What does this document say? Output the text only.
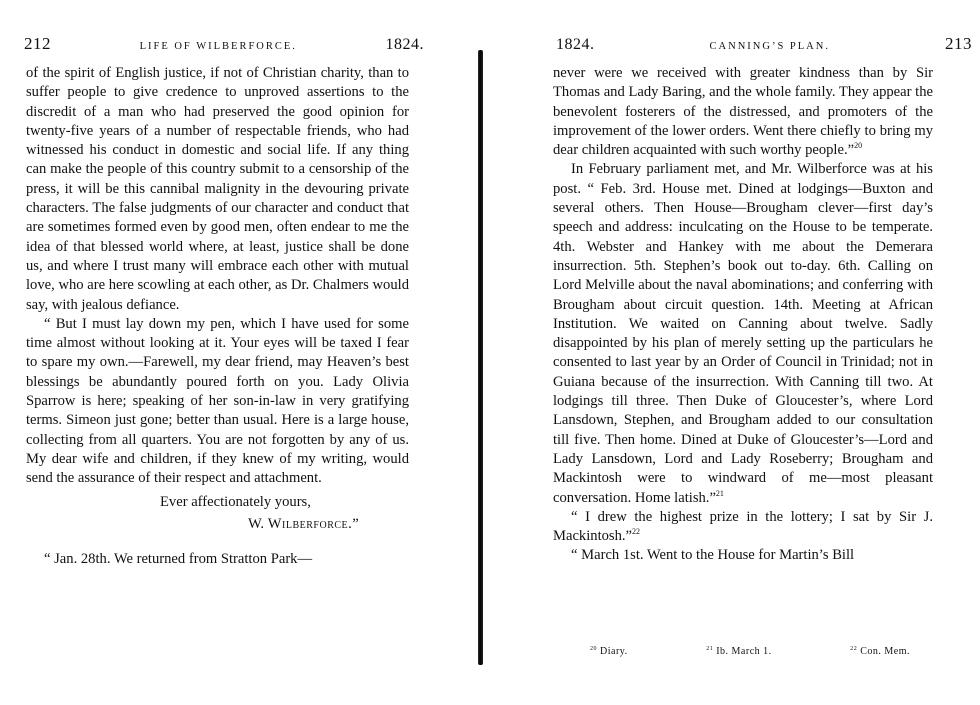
212	LIFE OF WILBERFORCE.	1824.

of the spirit of English justice, if not of Christian charity, than to suffer people to give credence to unproved assertions to the discredit of a man who had preserved the good opinion for twenty-five years of a number of respectable friends, who had witnessed his conduct in domestic and social life. If any thing can make the people of this country submit to a censorship of the press, it will be this cannibal malignity in the devouring private characters. The false judgments of our character and conduct that are sometimes formed even by good men, often endear to me the idea of that blessed world where, at least, justice shall be done us, and where I trust many will embrace each other with mutual love, who are here scowling at each other, as Dr. Chalmers would say, with jealous defiance.

“ But I must lay down my pen, which I have used for some time almost without looking at it. Your eyes will be taxed I fear to spare my own.—Farewell, my dear friend, may Heaven’s best blessings be abundantly poured forth on you. Lady Olivia Sparrow is here; speaking of her son-in-law in very gratifying terms. Simeon just gone; better than usual. Here is a large house, collecting from all quarters. You are not forgotten by any of us. My dear wife and children, if they knew of my writing, would send the assurance of their respect and attachment.

Ever affectionately yours,
W. Wilberforce.”

“ Jan. 28th. We returned from Stratton Park—

1824.	CANNING’S PLAN.	213

never were we received with greater kindness than by Sir Thomas and Lady Baring, and the whole family. They appear the benevolent fosterers of the distressed, and promoters of the improvement of the lower orders. Went there chiefly to bring my dear children acquainted with such worthy people.”$^{20}$

In February parliament met, and Mr. Wilberforce was at his post. “ Feb. 3rd. House met. Dined at lodgings—Buxton and several others. Then House—Brougham clever—first day’s speech and address: inculcating on the House to be temperate. 4th. Webster and Hankey with me about the Demerara insurrection. 5th. Stephen’s book out to-day. 6th. Calling on Lord Melville about the naval abominations; and conferring with Brougham about circuit question. 14th. Meeting at African Institution. We waited on Canning about twelve. Sadly disappointed by his plan of merely setting up the particulars he consented to last year by an Order of Council in Trinidad; not in Guiana because of the insurrection. With Canning till two. At lodgings till three. Then Duke of Gloucester’s, where Lord Lansdown, Stephen, and Brougham added to our consultation till five. Then home. Dined at Duke of Gloucester’s—Lord and Lady Lansdown, Lord and Lady Roseberry; Brougham and Mackintosh were to windward of me—most pleasant conversation. Home latish.”$^{21}$

“ I drew the highest prize in the lottery; I sat by Sir J. Mackintosh.”$^{22}$

“ March 1st. Went to the House for Martin’s Bill

$^{20}$ Diary.	$^{21}$ Ib. March 1.	$^{22}$ Con. Mem.
